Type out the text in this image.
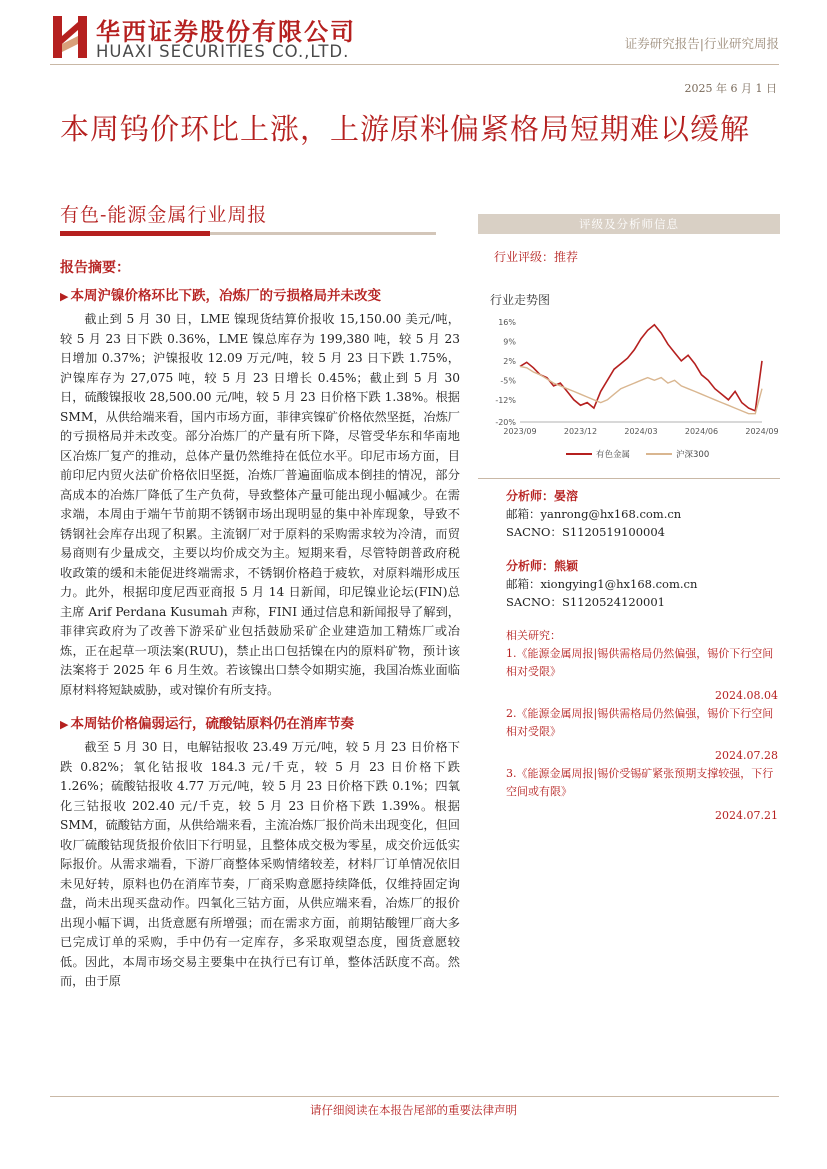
华西证券股份有限公司
HUAXI SECURITIES CO.,LTD.	证券研究报告|行业研究周报
2025 年 6 月 1 日
本周钨价环比上涨，上游原料偏紧格局短期难以缓解
有色-能源金属行业周报
报告摘要：
▶ 本周沪镍价格环比下跌，冶炼厂的亏损格局并未改变

截止到 5 月 30 日，LME 镍现货结算价报收 15,150.00 美元/吨，较 5 月 23 日下跌 0.36%，LME 镍总库存为 199,380 吨，较 5 月 23 日增加 0.37%；沪镍报收 12.09 万元/吨，较 5 月 23 日下跌 1.75%，沪镍库存为 27,075 吨，较 5 月 23 日增长 0.45%；截止到 5 月 30 日，硫酸镍报收 28,500.00 元/吨，较 5 月 23 日价格下跌 1.38%。根据 SMM，从供给端来看，国内市场方面，菲律宾镍矿价格依然坚挺，冶炼厂的亏损格局并未改变。部分冶炼厂的产量有所下降，尽管受华东和华南地区冶炼厂复产的推动，总体产量仍然维持在低位水平。印尼市场方面，目前印尼内贸火法矿价格依旧坚挺，冶炼厂普遍面临成本倒挂的情况，部分高成本的冶炼厂降低了生产负荷，导致整体产量可能出现小幅减少。在需求端，本周由于端午节前期不锈钢市场出现明显的集中补库现象，导致不锈钢社会库存出现了积累。主流钢厂对于原料的采购需求较为冷清，而贸易商则有少量成交，主要以均价成交为主。短期来看，尽管特朗普政府税收政策的缓和未能促进终端需求，不锈钢价格趋于疲软，对原料端形成压力。此外，根据印度尼西亚商报 5 月 14 日新闻，印尼镍业论坛(FIN)总主席 Arif Perdana Kusumah 声称，FINI 通过信息和新闻报导了解到，菲律宾政府为了改善下游采矿业包括鼓励采矿企业建造加工精炼厂或冶炼，正在起草一项法案(RUU)，禁止出口包括镍在内的原料矿物，预计该法案将于 2025 年 6 月生效。若该镍出口禁令如期实施，我国冶炼业面临原材料将短缺威胁，或对镍价有所支持。

▶ 本周钴价格偏弱运行，硫酸钴原料仍在消库节奏

截至 5 月 30 日，电解钴报收 23.49 万元/吨，较 5 月 23 日价格下跌 0.82%；氧化钴报收 184.3 元/千克，较 5 月 23 日价格下跌 1.26%；硫酸钴报收 4.77 万元/吨，较 5 月 23 日价格下跌 0.1%；四氧化三钴报收 202.40 元/千克，较 5 月 23 日价格下跌 1.39%。根据 SMM，硫酸钴方面，从供给端来看，主流冶炼厂报价尚未出现变化，但回收厂硫酸钴现货报价依旧下行明显，且整体成交极为零星，成交价远低实际报价。从需求端看，下游厂商整体采购情绪较差，材料厂订单情况依旧未见好转，原料也仍在消库节奏，厂商采购意愿持续降低，仅维持固定询盘，尚未出现买盘动作。四氧化三钴方面，从供应端来看，冶炼厂的报价出现小幅下调，出货意愿有所增强；而在需求方面，前期钴酸锂厂商大多已完成订单的采购，手中仍有一定库存，多采取观望态度，囤货意愿较低。因此，本周市场交易主要集中在执行已有订单，整体活跃度不高。然而，由于原

评级及分析师信息
行业评级：推荐
行业走势图
16%
9%
2%
-5%
-12%
-20%
2023/09	2023/12	2024/03	2024/06	2024/09
有色金属	沪深300
分析师：晏溶
邮箱：yanrong@hx168.com.cn
SACNO：S1120519100004
分析师：熊颖
邮箱：xiongying1@hx168.com.cn
SACNO：S1120524120001
相关研究：
1.《能源金属周报|锡供需格局仍然偏强，锡价下行空间相对受限》
2024.08.04
2.《能源金属周报|锡供需格局仍然偏强，锡价下行空间相对受限》
2024.07.28
3.《能源金属周报|锡价受锡矿紧张预期支撑较强，下行空间或有限》
2024.07.21
请仔细阅读在本报告尾部的重要法律声明
